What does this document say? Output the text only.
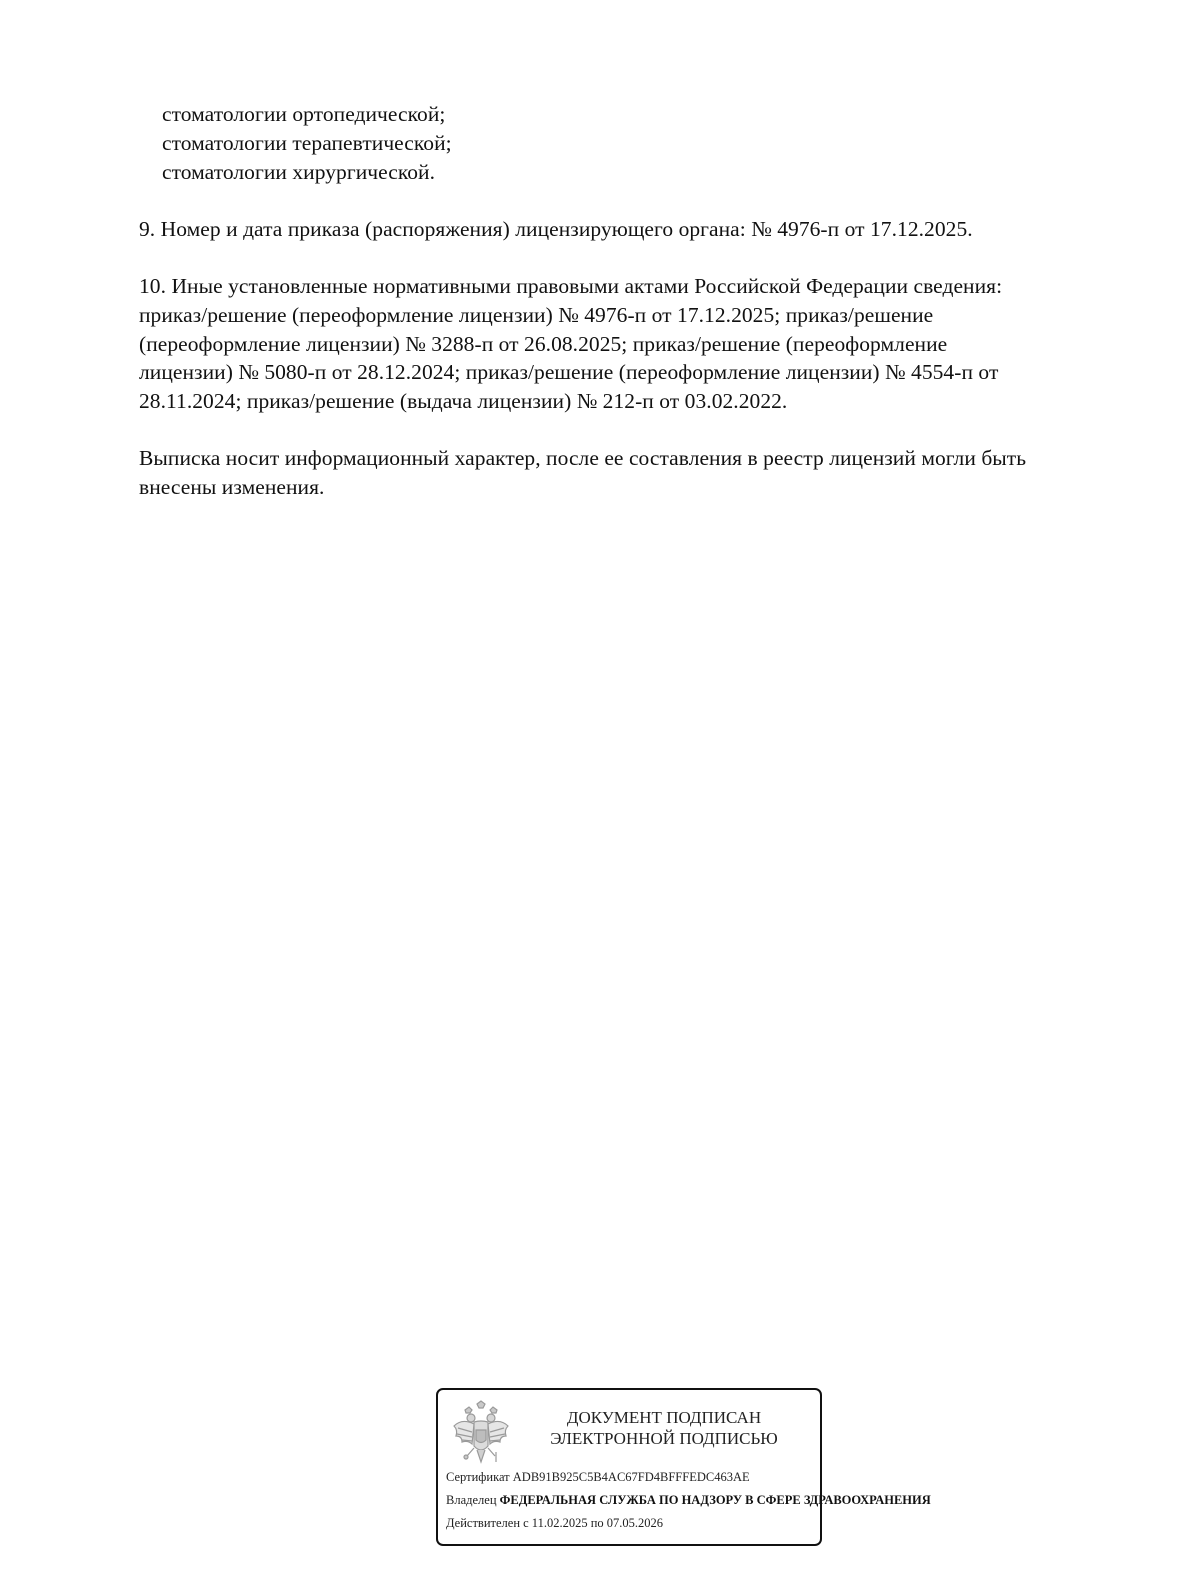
стоматологии ортопедической;
стоматологии терапевтической;
стоматологии хирургической.
9. Номер и дата приказа (распоряжения) лицензирующего органа: № 4976-п от 17.12.2025.
10. Иные установленные нормативными правовыми актами Российской Федерации сведения:
приказ/решение (переоформление лицензии) № 4976-п от 17.12.2025; приказ/решение
(переоформление лицензии) № 3288-п от 26.08.2025; приказ/решение (переоформление
лицензии) № 5080-п от 28.12.2024; приказ/решение (переоформление лицензии) № 4554-п от
28.11.2024; приказ/решение (выдача лицензии) № 212-п от 03.02.2022.
Выписка носит информационный характер, после ее составления в реестр лицензий могли быть
внесены изменения.
ДОКУМЕНТ ПОДПИСАН
ЭЛЕКТРОННОЙ ПОДПИСЬЮ
Сертификат ADB91B925C5B4AC67FD4BFFFEDC463AE
Владелец ФЕДЕРАЛЬНАЯ СЛУЖБА ПО НАДЗОРУ В СФЕРЕ ЗДРАВООХРАНЕНИЯ
Действителен с 11.02.2025 по 07.05.2026
